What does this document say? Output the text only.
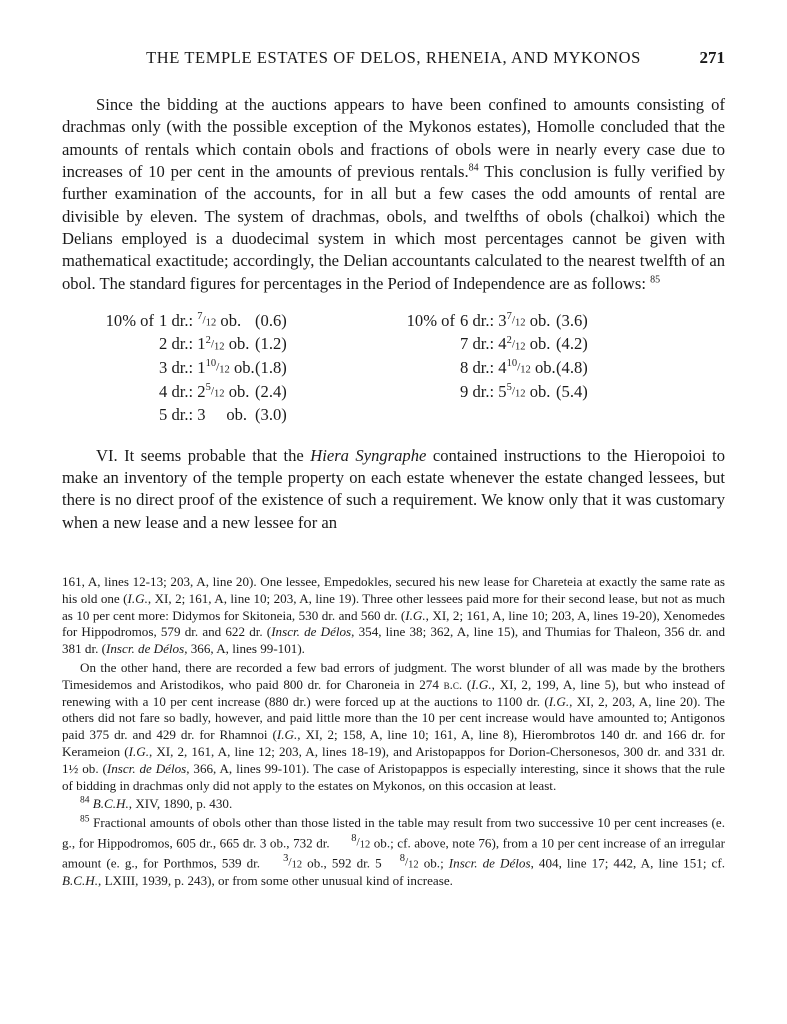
THE TEMPLE ESTATES OF DELOS, RHENEIA, AND MYKONOS	271

Since the bidding at the auctions appears to have been confined to amounts consisting of drachmas only (with the possible exception of the Mykonos estates), Homolle concluded that the amounts of rentals which contain obols and fractions of obols were in nearly every case due to increases of 10 per cent in the amounts of previous rentals.$^{84}$ This conclusion is fully verified by further examination of the accounts, for in all but a few cases the odd amounts of rental are divisible by eleven. The system of drachmas, obols, and twelfths of obols (chalkoi) which the Delians employed is a duodecimal system in which most percentages cannot be given with mathematical exactitude; accordingly, the Delian accountants calculated to the nearest twelfth of an obol. The standard figures for percentages in the Period of Independence are as follows: $^{85}$

10% of 1 dr.: 7/12 ob. (0.6)
2 dr.: 12/12 ob. (1.2)
3 dr.: 110/12 ob.(1.8)
4 dr.: 25/12 ob. (2.4)
5 dr.: 3 ob. (3.0)
10% of 6 dr.: 37/12 ob. (3.6)
7 dr.: 42/12 ob. (4.2)
8 dr.: 410/12 ob.(4.8)
9 dr.: 55/12 ob. (5.4)

VI. It seems probable that the Hiera Syngraphe contained instructions to the Hieropoioi to make an inventory of the temple property on each estate whenever the estate changed lessees, but there is no direct proof of the existence of such a requirement. We know only that it was customary when a new lease and a new lessee for an

161, A, lines 12-13; 203, A, line 20). One lessee, Empedokles, secured his new lease for Chareteia at exactly the same rate as his old one (I.G., XI, 2; 161, A, line 10; 203, A, line 19). Three other lessees paid more for their second lease, but not as much as 10 per cent more: Didymos for Skitoneia, 530 dr. and 560 dr. (I.G., XI, 2; 161, A, line 10; 203, A, lines 19-20), Xenomedes for Hippodromos, 579 dr. and 622 dr. (Inscr. de Délos, 354, line 38; 362, A, line 15), and Thumias for Thaleon, 356 dr. and 381 dr. (Inscr. de Délos, 366, A, lines 99-101).

On the other hand, there are recorded a few bad errors of judgment. The worst blunder of all was made by the brothers Timesidemos and Aristodikos, who paid 800 dr. for Charoneia in 274 b.c. (I.G., XI, 2, 199, A, line 5), but who instead of renewing with a 10 per cent increase (880 dr.) were forced up at the auctions to 1100 dr. (I.G., XI, 2, 203, A, line 20). The others did not fare so badly, however, and paid little more than the 10 per cent increase would have amounted to; Antigonos paid 375 dr. and 429 dr. for Rhamnoi (I.G., XI, 2; 158, A, line 10; 161, A, line 8), Hierombrotos 140 dr. and 166 dr. for Kerameion (I.G., XI, 2, 161, A, line 12; 203, A, lines 18-19), and Aristopappos for Dorion-Chersonesos, 300 dr. and 331 dr. 1½ ob. (Inscr. de Délos, 366, A, lines 99-101). The case of Aristopappos is especially interesting, since it shows that the rule of bidding in drachmas only did not apply to the estates on Mykonos, on this occasion at least.

$^{84}$ B.C.H., XIV, 1890, p. 430.

$^{85}$ Fractional amounts of obols other than those listed in the table may result from two successive 10 per cent increases (e. g., for Hippodromos, 605 dr., 665 dr. 3 ob., 732 dr. 8/12 ob.; cf. above, note 76), from a 10 per cent increase of an irregular amount (e. g., for Porthmos, 539 dr. 3/12 ob., 592 dr. 5 8/12 ob.; Inscr. de Délos, 404, line 17; 442, A, line 151; cf. B.C.H., LXIII, 1939, p. 243), or from some other unusual kind of increase.
